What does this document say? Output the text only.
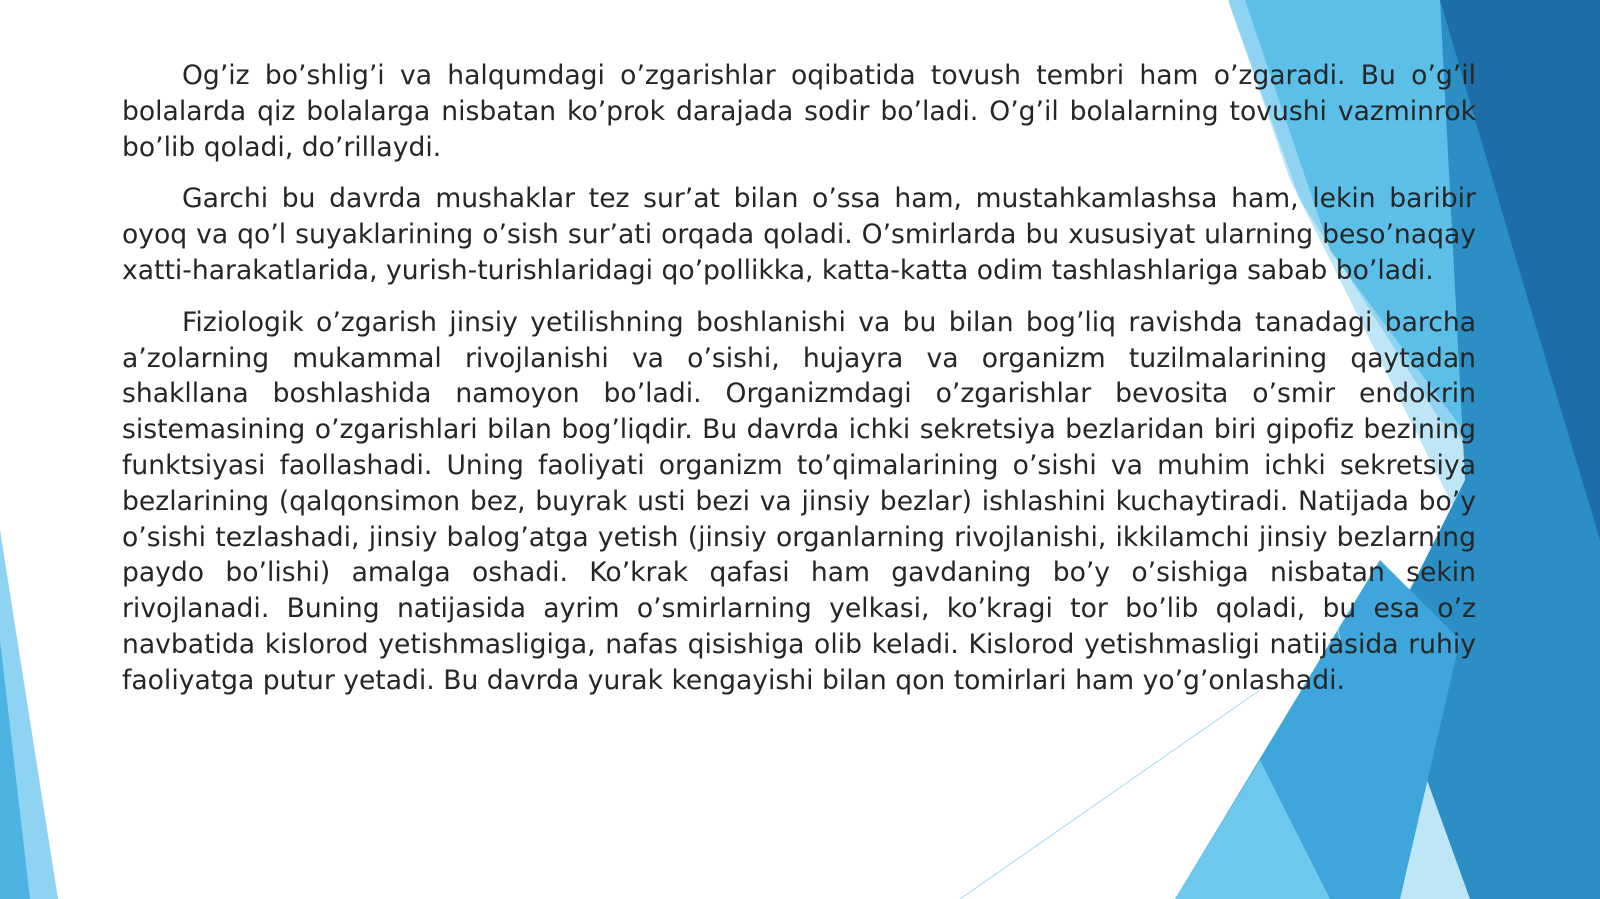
Og’iz bo’shlig’i va halqumdagi o’zgarishlar oqibatida tovush tembri ham o’zgaradi. Bu o’g’il bolalarda qiz bolalarga nisbatan ko’prok darajada sodir bo’ladi. O’g’il bolalarning tovushi vazminrok bo’lib qoladi, do’rillaydi.

Garchi bu davrda mushaklar tez sur’at bilan o’ssa ham, mustahkamlashsa ham, lekin baribir oyoq va qo’l suyaklarining o’sish sur’ati orqada qoladi. O’smirlarda bu xususiyat ularning beso’naqay xatti-harakatlarida, yurish-turishlaridagi qo’pollikka, katta-katta odim tashlashlariga sabab bo’ladi.

Fiziologik o’zgarish jinsiy yetilishning boshlanishi va bu bilan bog’liq ravishda tanadagi barcha a’zolarning mukammal rivojlanishi va o’sishi, hujayra va organizm tuzilmalarining qaytadan shakllana boshlashida namoyon bo’ladi. Organizmdagi o’zgarishlar bevosita o’smir endokrin sistemasining o’zgarishlari bilan bog’liqdir. Bu davrda ichki sekretsiya bezlaridan biri gipofiz bezining funktsiyasi faollashadi. Uning faoliyati organizm to’qimalarining o’sishi va muhim ichki sekretsiya bezlarining (qalqonsimon bez, buyrak usti bezi va jinsiy bezlar) ishlashini kuchaytiradi. Natijada bo’y o’sishi tezlashadi, jinsiy balog’atga yetish (jinsiy organlarning rivojlanishi, ikkilamchi jinsiy bezlarning paydo bo’lishi) amalga oshadi. Ko’krak qafasi ham gavdaning bo’y o’sishiga nisbatan sekin rivojlanadi. Buning natijasida ayrim o’smirlarning yelkasi, ko’kragi tor bo’lib qoladi, bu esa o’z navbatida kislorod yetishmasligiga, nafas qisishiga olib keladi. Kislorod yetishmasligi natijasida ruhiy faoliyatga putur yetadi. Bu davrda yurak kengayishi bilan qon tomirlari ham yo’g’onlashadi.
